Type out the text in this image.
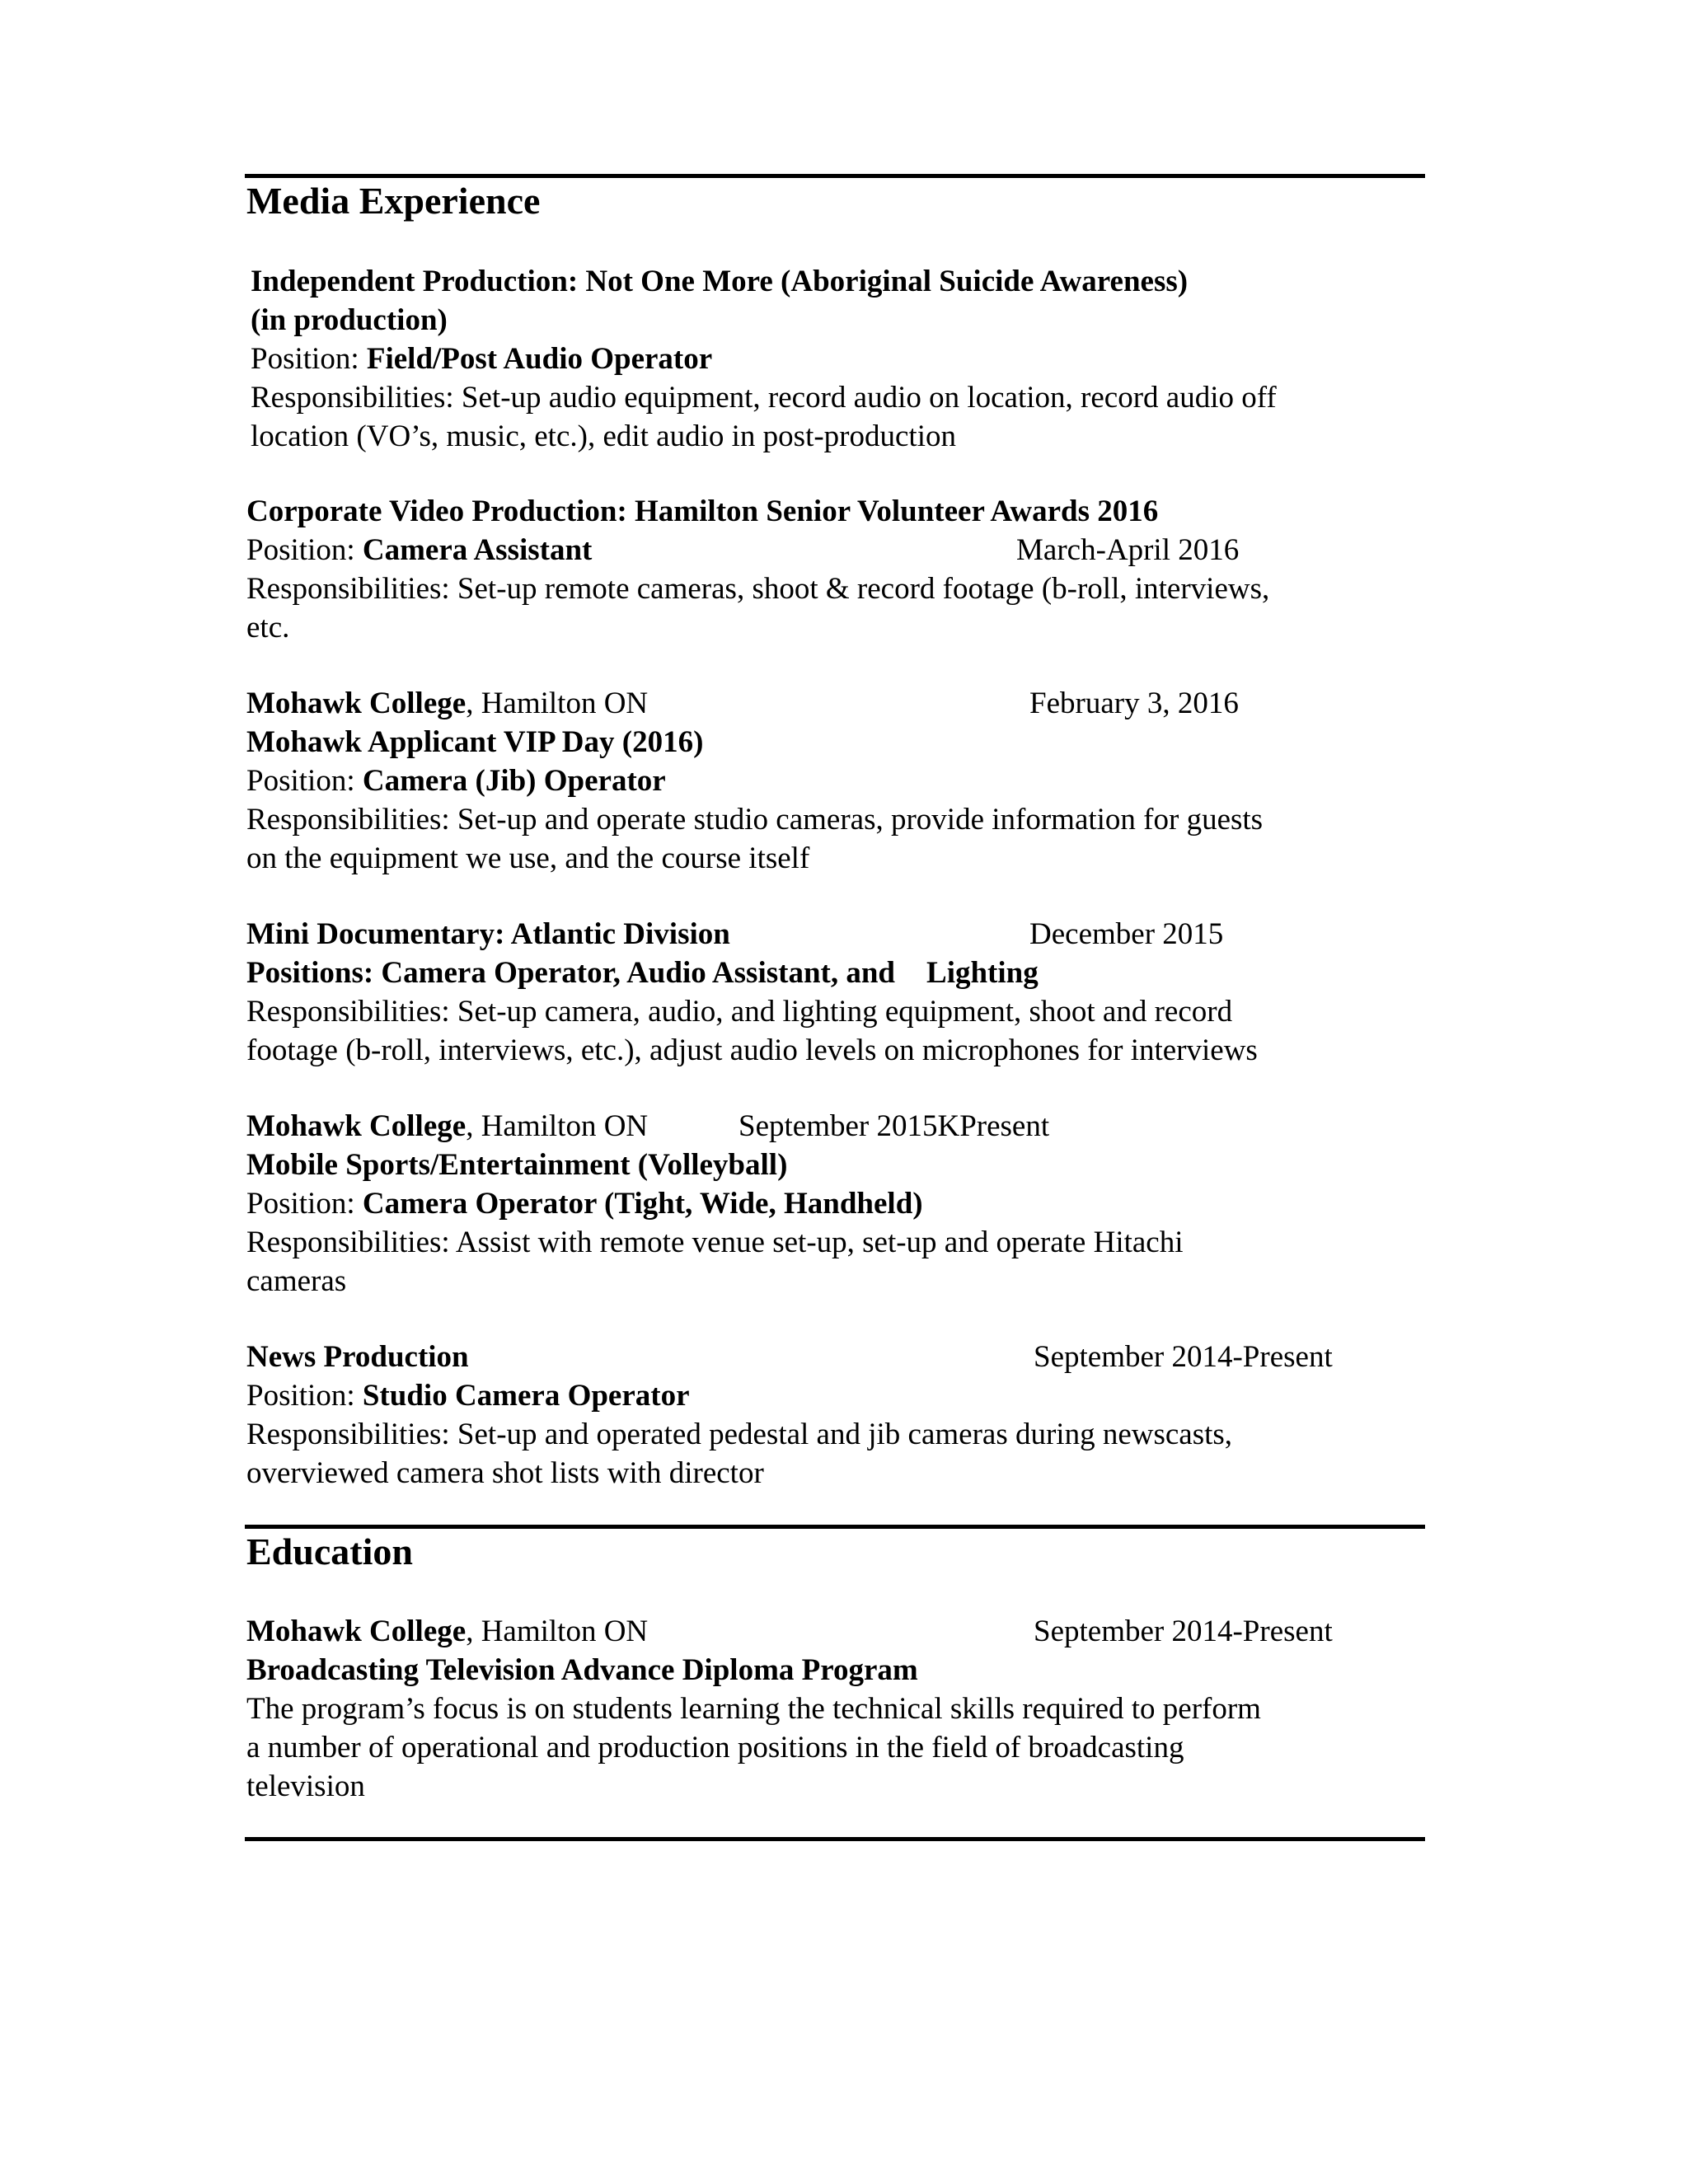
Media Experience
Independent Production: Not One More (Aboriginal Suicide Awareness)
(in production)
Position: Field/Post Audio Operator
Responsibilities: Set-up audio equipment, record audio on location, record audio off
location (VO’s, music, etc.), edit audio in post-production
Corporate Video Production: Hamilton Senior Volunteer Awards 2016
Position: Camera Assistant	March-April 2016
Responsibilities: Set-up remote cameras, shoot & record footage (b-roll, interviews,
etc.
Mohawk College, Hamilton ON	February 3, 2016
Mohawk Applicant VIP Day (2016)
Position: Camera (Jib) Operator
Responsibilities: Set-up and operate studio cameras, provide information for guests
on the equipment we use, and the course itself
Mini Documentary: Atlantic Division	December 2015
Positions: Camera Operator, Audio Assistant, and Lighting
Responsibilities: Set-up camera, audio, and lighting equipment, shoot and record
footage (b-roll, interviews, etc.), adjust audio levels on microphones for interviews
Mohawk College, Hamilton ON	September 2015KPresent
Mobile Sports/Entertainment (Volleyball)
Position: Camera Operator (Tight, Wide, Handheld)
Responsibilities: Assist with remote venue set-up, set-up and operate Hitachi
cameras
News Production	September 2014-Present
Position: Studio Camera Operator
Responsibilities: Set-up and operated pedestal and jib cameras during newscasts,
overviewed camera shot lists with director
Education
Mohawk College, Hamilton ON	September 2014-Present
Broadcasting Television Advance Diploma Program
The program’s focus is on students learning the technical skills required to perform
a number of operational and production positions in the field of broadcasting
television
